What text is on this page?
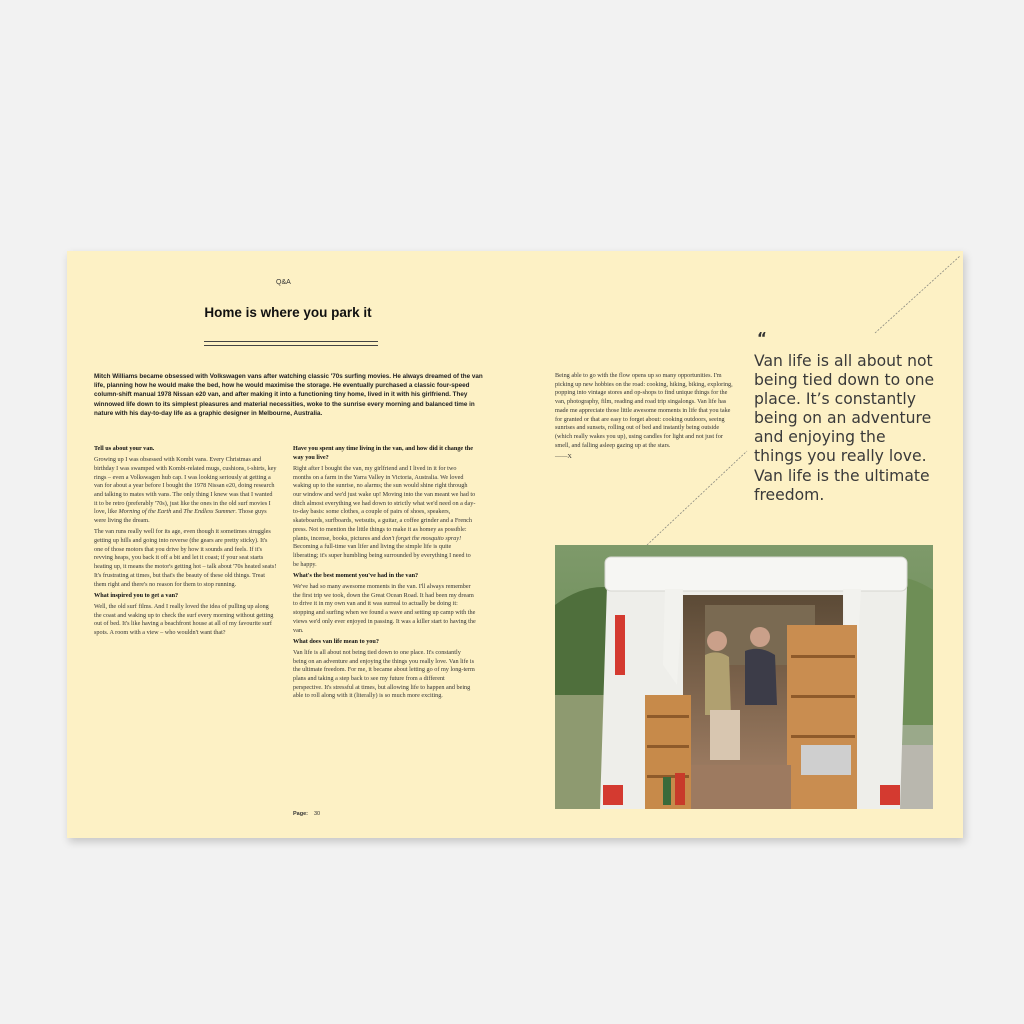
Q&A
Home is where you park it
Mitch Williams became obsessed with Volkswagen vans after watching classic '70s surfing movies. He always dreamed of the van life, planning how he would make the bed, how he would maximise the storage. He eventually purchased a classic four-speed column-shift manual 1978 Nissan e20 van, and after making it into a functioning tiny home, lived in it with his girlfriend. They winnowed life down to its simplest pleasures and material necessities, woke to the sunrise every morning and balanced time in nature with his day-to-day life as a graphic designer in Melbourne, Australia.
Tell us about your van.

Growing up I was obsessed with Kombi vans. Every Christmas and birthday I was swamped with Kombi-related mugs, cushions, t-shirts, key rings – even a Volkswagen hub cap. I was looking seriously at getting a van for about a year before I bought the 1978 Nissan e20, doing research and talking to mates with vans. The only thing I knew was that I wanted it to be retro (preferably '70s), just like the ones in the old surf movies I love, like Morning of the Earth and The Endless Summer. Those guys were living the dream.

The van runs really well for its age, even though it sometimes struggles getting up hills and going into reverse (the gears are pretty sticky). It's one of those motors that you drive by how it sounds and feels. If it's revving heaps, you back it off a bit and let it coast; if your seat starts heating up, it means the motor's getting hot – talk about '70s heated seats! It's frustrating at times, but that's the beauty of these old things. Treat them right and there's no reason for them to stop running.

What inspired you to get a van?

Well, the old surf films. And I really loved the idea of pulling up along the coast and waking up to check the surf every morning without getting out of bed. It's like having a beachfront house at all of my favourite surf spots. A room with a view – who wouldn't want that?

Have you spent any time living in the van, and how did it change the way you live?

Right after I bought the van, my girlfriend and I lived in it for two months on a farm in the Yarra Valley in Victoria, Australia. We loved waking up to the sunrise, no alarms; the sun would shine right through our window and we'd just wake up! Moving into the van meant we had to ditch almost everything we had down to strictly what we'd need on a day-to-day basis: some clothes, a couple of pairs of shoes, speakers, skateboards, surfboards, wetsuits, a guitar, a coffee grinder and a French press. Not to mention the little things to make it as homey as possible: plants, incense, books, pictures and don't forget the mosquito spray! Becoming a full-time van lifer and living the simple life is quite liberating; it's super humbling being surrounded by everything I need to be happy.

What's the best moment you've had in the van?

We've had so many awesome moments in the van. I'll always remember the first trip we took, down the Great Ocean Road. It had been my dream to drive it in my own van and it was surreal to actually be doing it: stopping and surfing when we found a wave and setting up camp with the views we'd only ever enjoyed in passing. It was a killer start to having the van.

What does van life mean to you?

Van life is all about not being tied down to one place. It's constantly being on an adventure and enjoying the things you really love. Van life is the ultimate freedom. For me, it became about letting go of my long-term plans and taking a step back to see my future from a different perspective. It's stressful at times, but allowing life to happen and being able to roll along with it (literally) is so much more exciting.

Being able to go with the flow opens up so many opportunities. I'm picking up new hobbies on the road: cooking, hiking, biking, exploring, popping into vintage stores and op-shops to find unique things for the van, photography, film, reading and road trip singalongs. Van life has made me appreciate those little awesome moments in life that you take for granted or that are easy to forget about: cooking outdoors, seeing sunrises and sunsets, rolling out of bed and instantly being outside (which really wakes you up), using candles for light and not just for smell, and falling asleep gazing up at the stars.

——X
“
Van life is all about not being tied down to one place. It’s constantly being on an adventure and enjoying the things you really love. Van life is the ultimate freedom.
Page: 30
